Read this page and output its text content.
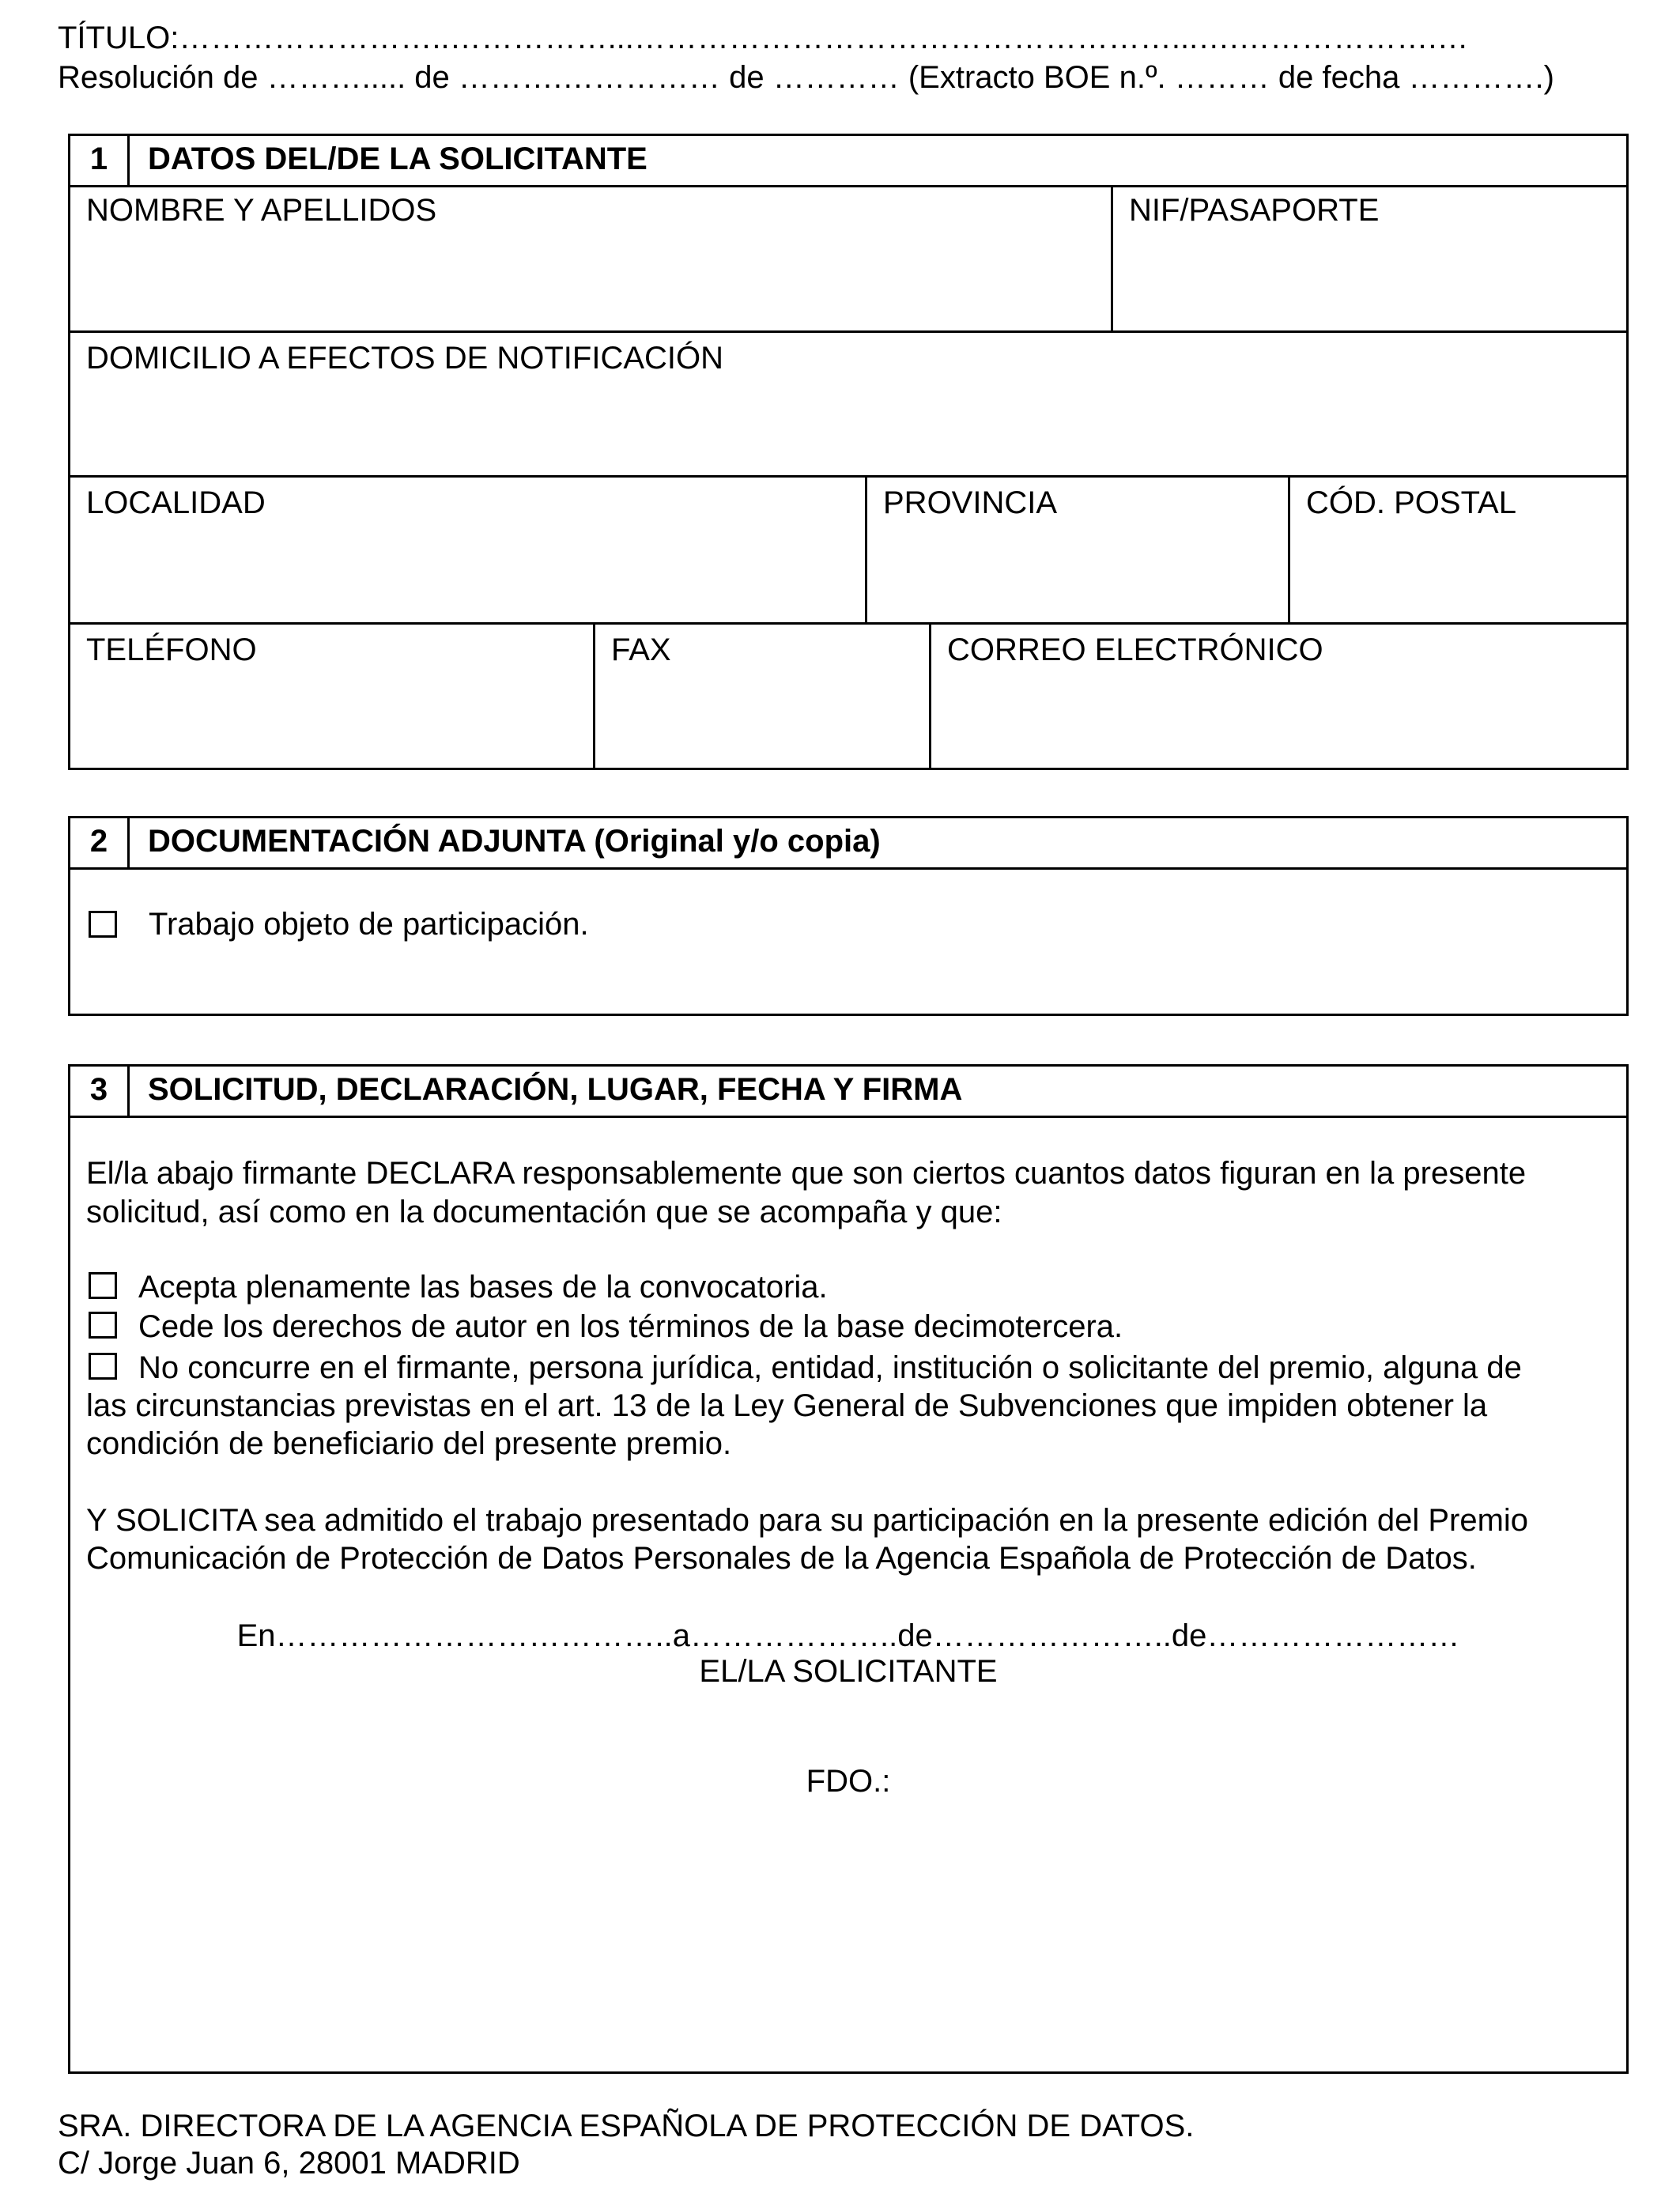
TÍTULO:……………………..……………...……………………………………………...….……………….…
Resolución de ………..... de ……….…………… de ………… (Extracto BOE n.º. ……… de fecha ………….)
1	DATOS DEL/DE LA SOLICITANTE
NOMBRE Y APELLIDOS	NIF/PASAPORTE
DOMICILIO A EFECTOS DE NOTIFICACIÓN
LOCALIDAD	PROVINCIA	CÓD. POSTAL
TELÉFONO	FAX	CORREO ELECTRÓNICO
2	DOCUMENTACIÓN ADJUNTA (Original y/o copia)
Trabajo objeto de participación.
3	SOLICITUD, DECLARACIÓN, LUGAR, FECHA Y FIRMA
El/la abajo firmante DECLARA responsablemente que son ciertos cuantos datos figuran en la presente
solicitud, así como en la documentación que se acompaña y que:
Acepta plenamente las bases de la convocatoria.
Cede los derechos de autor en los términos de la base decimotercera.
No concurre en el firmante, persona jurídica, entidad, institución o solicitante del premio, alguna de
las circunstancias previstas en el art. 13 de la Ley General de Subvenciones que impiden obtener la
condición de beneficiario del presente premio.
Y SOLICITA sea admitido el trabajo presentado para su participación en la presente edición del Premio
Comunicación de Protección de Datos Personales de la Agencia Española de Protección de Datos.
En………………………………..a………………..de…………………..de……………………
EL/LA SOLICITANTE
FDO.:
SRA. DIRECTORA DE LA AGENCIA ESPAÑOLA DE PROTECCIÓN DE DATOS.
C/ Jorge Juan 6, 28001 MADRID
